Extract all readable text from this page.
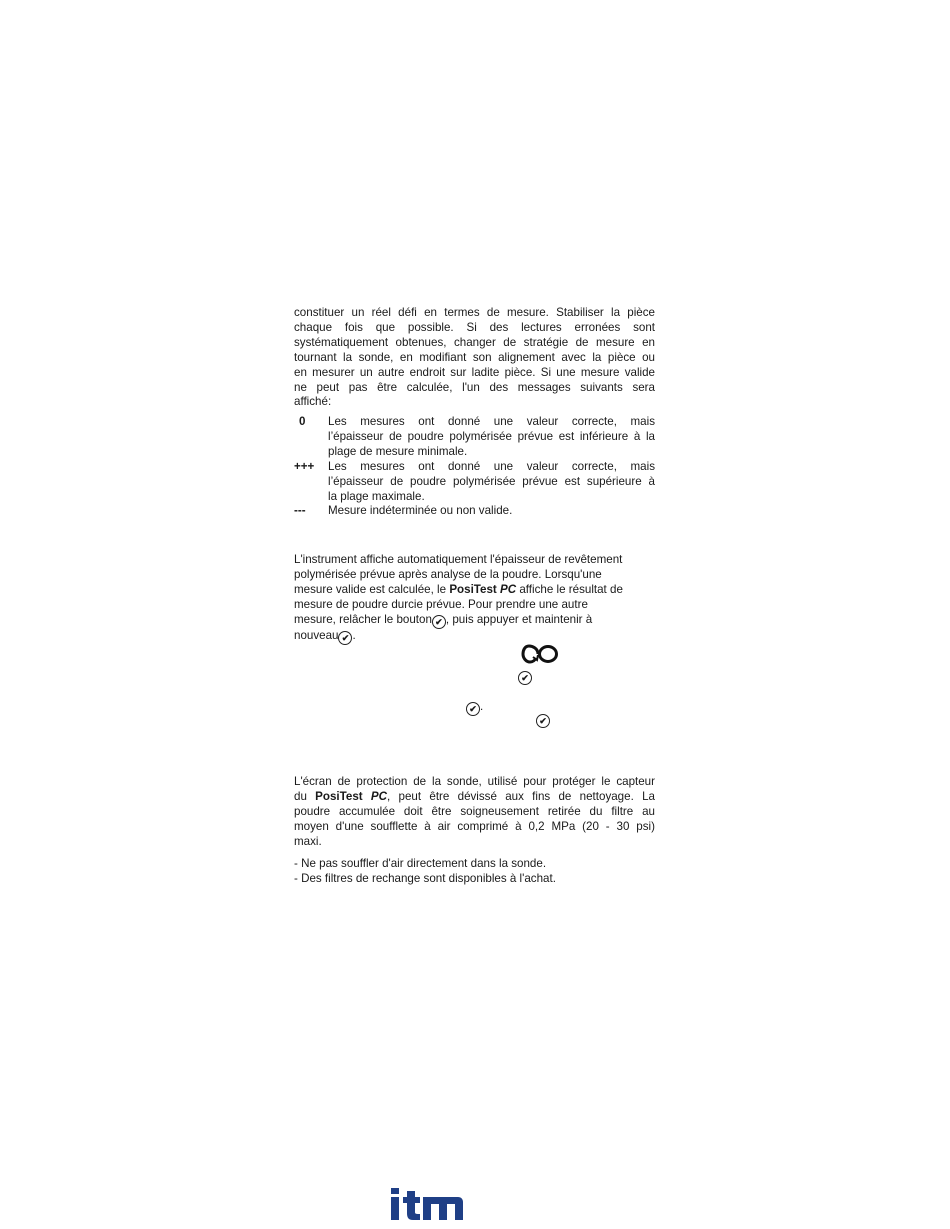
constituer un réel défi en termes de mesure. Stabiliser la pièce
chaque fois que possible. Si des lectures erronées sont
systématiquement obtenues, changer de stratégie de mesure en
tournant la sonde, en modifiant son alignement avec la pièce ou
en mesurer un autre endroit sur ladite pièce. Si une mesure valide
ne peut pas être calculée, l'un des messages suivants sera
affiché:
0 Les mesures ont donné une valeur correcte, mais
l’épaisseur de poudre polymérisée prévue est inférieure à la
plage de mesure minimale.
+++ Les mesures ont donné une valeur correcte, mais
l’épaisseur de poudre polymérisée prévue est supérieure à
la plage maximale.
--- Mesure indéterminée ou non valide.
L'instrument affiche automatiquement l'épaisseur de revêtement
polymérisée prévue après analyse de la poudre. Lorsqu'une
mesure valide est calculée, le PosiTest PC affiche le résultat de
mesure de poudre durcie prévue. Pour prendre une autre
mesure, relâcher le bouton ✔ , puis appuyer et maintenir à
nouveau ✔ .
✔
✔ .
✔
L'écran de protection de la sonde, utilisé pour protéger le capteur
du PosiTest PC, peut être dévissé aux fins de nettoyage. La
poudre accumulée doit être soigneusement retirée du filtre au
moyen d'une soufflette à air comprimé à 0,2 MPa (20 - 30 psi)
maxi.
- Ne pas souffler d'air directement dans la sonde.
- Des filtres de rechange sont disponibles à l'achat.
